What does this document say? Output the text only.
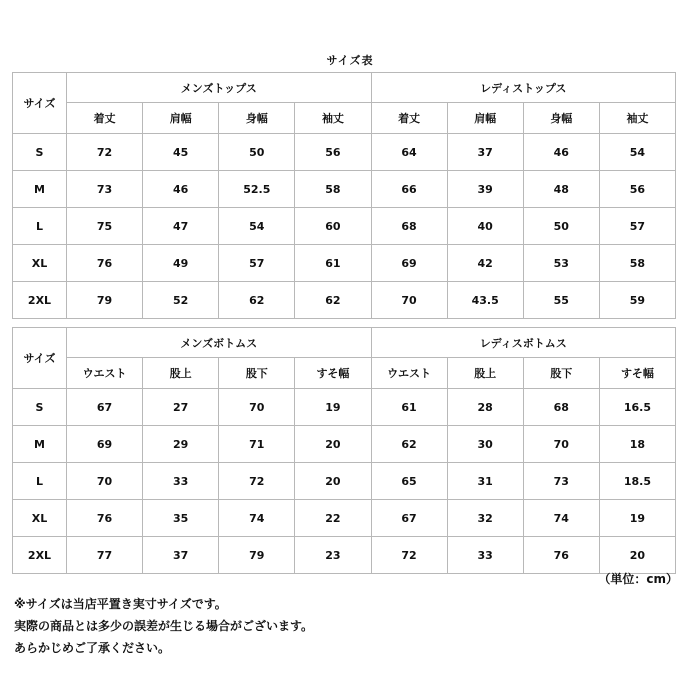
サイズ表
サイズ	メンズトップス				レディストップス			
	着丈	肩幅	身幅	袖丈	着丈	肩幅	身幅	袖丈
S	72	45	50	56	64	37	46	54
M	73	46	52.5	58	66	39	48	56
L	75	47	54	60	68	40	50	57
XL	76	49	57	61	69	42	53	58
2XL	79	52	62	62	70	43.5	55	59
サイズ	メンズボトムス				レディスボトムス			
	ウエスト	股上	股下	すそ幅	ウエスト	股上	股下	すそ幅
S	67	27	70	19	61	28	68	16.5
M	69	29	71	20	62	30	70	18
L	70	33	72	20	65	31	73	18.5
XL	76	35	74	22	67	32	74	19
2XL	77	37	79	23	72	33	76	20
（単位：cm）
※サイズは当店平置き実寸サイズです。
実際の商品とは多少の誤差が生じる場合がございます。
あらかじめご了承ください。
